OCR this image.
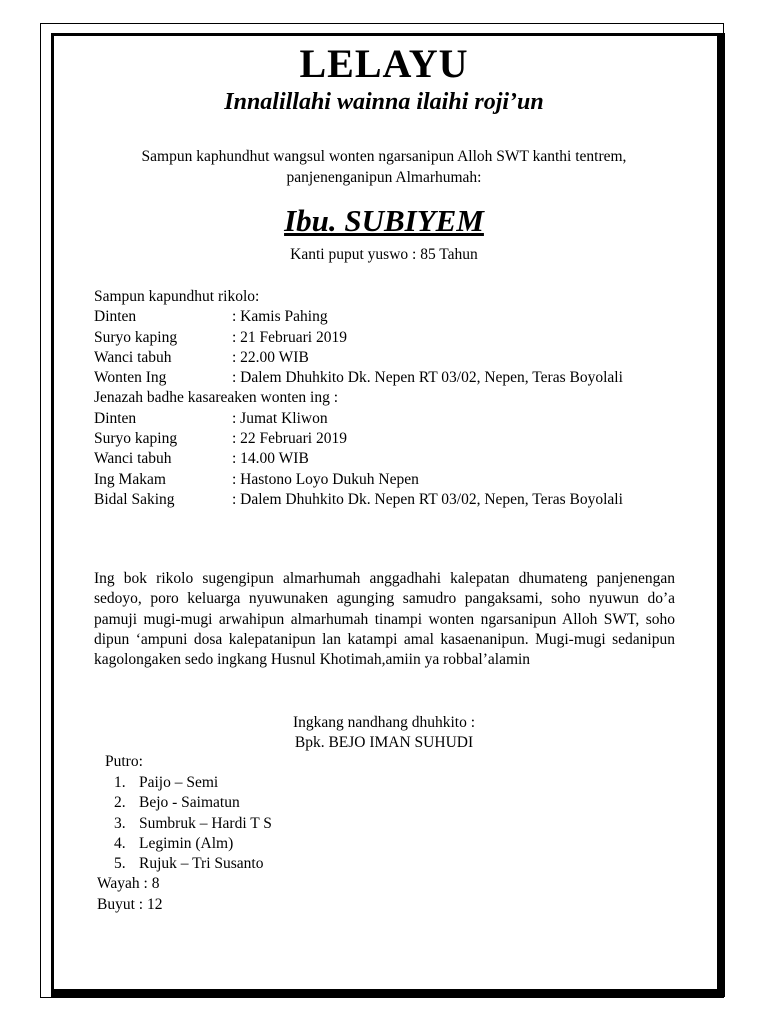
LELAYU
Innalillahi wainna ilaihi roji’un
Sampun kaphundhut wangsul wonten ngarsanipun Alloh SWT kanthi tentrem,
panjenenganipun Almarhumah:
Ibu. SUBIYEM
Kanti puput yuswo : 85 Tahun
Sampun kapundhut rikolo:
Dinten	: Kamis Pahing
Suryo kaping	: 21 Februari 2019
Wanci tabuh	: 22.00 WIB
Wonten Ing	: Dalem Dhuhkito Dk. Nepen RT 03/02, Nepen, Teras Boyolali
Jenazah badhe kasareaken wonten ing :
Dinten	: Jumat Kliwon
Suryo kaping	: 22 Februari 2019
Wanci tabuh	: 14.00 WIB
Ing Makam	: Hastono Loyo Dukuh Nepen
Bidal Saking	: Dalem Dhuhkito Dk. Nepen RT 03/02, Nepen, Teras Boyolali
Ing bok rikolo sugengipun almarhumah anggadhahi kalepatan dhumateng panjenengan sedoyo, poro keluarga nyuwunaken agunging samudro pangaksami, soho nyuwun do’a pamuji mugi-mugi arwahipun almarhumah tinampi wonten ngarsanipun Alloh SWT, soho dipun ‘ampuni dosa kalepatanipun lan katampi amal kasaenanipun. Mugi-mugi sedanipun kagolongaken sedo ingkang Husnul Khotimah,amiin ya robbal’alamin
Ingkang nandhang dhuhkito :
Bpk. BEJO IMAN SUHUDI
Putro:
1. Paijo – Semi
2. Bejo - Saimatun
3. Sumbruk – Hardi T S
4. Legimin (Alm)
5. Rujuk – Tri Susanto
Wayah : 8
Buyut : 12
